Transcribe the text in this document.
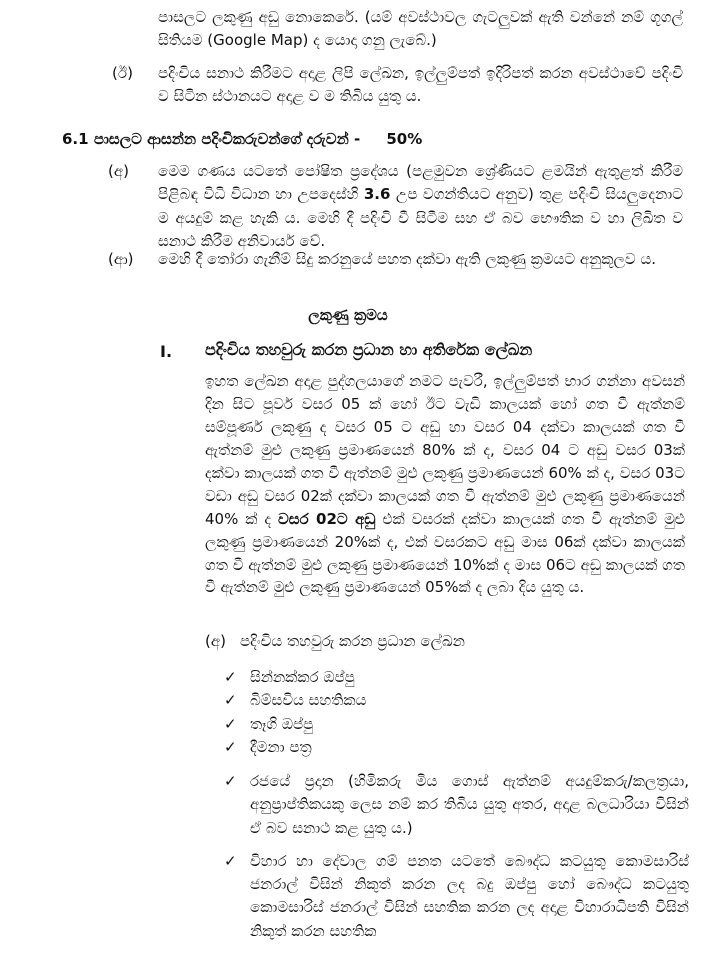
පාසලට ලකුණු අඩු නොකෙරේ. (යම් අවස්ථාවල ගැටලුවක් ඇති වන්නේ නම් ගූගල් සිතියම (Google Map) ද යොදා ගනු ලැබේ.)
(ඊ) පදිංචිය සනාථ කිරීමට අදාළ ලිපි ලේඛන, ඉල්ලුම්පත් ඉදිරිපත් කරන අවස්ථාවේ පදිංචි ව සිටින ස්ථානයට අදාළ ව ම තිබිය යුතු ය.
6.1 පාසලට ආසන්න පදිංචිකරුවන්ගේ දරුවන් - 50%
(අ) මෙම ගණය යටතේ පෝෂිත ප්‍රදේශය (පළමුවන ශ්‍රේණියට ළමයින් ඇතුළත් කිරීම පිළිබඳ විධි විධාන හා උපදෙස්හි 3.6 උප වගන්තියට අනුව) තුළ පදිංචි සියලුදෙනාට ම අයදුම් කළ හැකි ය. මෙහි දී පදිංචි වී සිටීම සහ ඒ බව භෞතික ව හා ලිඛිත ව සනාථ කිරීම අනිවාර්ය වේ.
(ආ) මෙහි දී තෝරා ගැනීම් සිදු කරනුයේ පහත දක්වා ඇති ලකුණු ක්‍රමයට අනුකූලව ය.
ලකුණු ක්‍රමය
I. පදිංචිය තහවුරු කරන ප්‍රධාන හා අතිරේක ලේඛන
ඉහත ලේඛන අදාළ පුද්ගලයාගේ නමට පැවරී, ඉල්ලුම්පත් භාර ගන්නා අවසන් දින සිට පූර්ව වසර 05 ක් හෝ ඊට වැඩි කාලයක් හෝ ගත වී ඇත්නම් සම්පූර්ණ ලකුණු ද වසර 05 ට අඩු හා වසර 04 දක්වා කාලයක් ගත වී ඇත්නම් මුළු ලකුණු ප්‍රමාණයෙන් 80% ක් ද, වසර 04 ට අඩු වසර 03ක් දක්වා කාලයක් ගත වී ඇත්නම් මුළු ලකුණු ප්‍රමාණයෙන් 60% ක් ද, වසර 03ට වඩා අඩු වසර 02ක් දක්වා කාලයක් ගත වී ඇත්නම් මුළු ලකුණු ප්‍රමාණයෙන් 40% ක් ද වසර 02ට අඩු එක් වසරක් දක්වා කාලයක් ගත වී ඇත්නම් මුළු ලකුණු ප්‍රමාණයෙන් 20%ක් ද, එක් වසරකට අඩු මාස 06ක් දක්වා කාලයක් ගත වී ඇත්නම් මුළු ලකුණු ප්‍රමාණයෙන් 10%ක් ද මාස 06ට අඩු කාලයක් ගත වී ඇත්නම් මුළු ලකුණු ප්‍රමාණයෙන් 05%ක් ද ලබා දිය යුතු ය.
(අ) පදිංචිය තහවුරු කරන ප්‍රධාන ලේඛන
✓ සින්නක්කර ඔප්පු
✓ බිම්සවිය සහතිකය
✓ තෑගි ඔප්පු
✓ දීමනා පත්‍ර
✓ රජයේ ප්‍රදාන (හිමිකරු මිය ගොස් ඇත්නම් අයදුම්කරු/කලත්‍රයා, අනුප්‍රාප්තිකයකු ලෙස නම් කර තිබිය යුතු අතර, අදාළ බලධාරියා විසින් ඒ බව සනාථ කළ යුතු ය.)
✓ විහාර හා දේවාල ගම් පනත යටතේ බෞද්ධ කටයුතු කොමසාරිස් ජනරාල් විසින් නිකුත් කරන ලද බදු ඔප්පු හෝ බෞද්ධ කටයුතු කොමසාරිස් ජනරාල් විසින් සහතික කරන ලද අදාළ විහාරාධිපති විසින් නිකුත් කරන සහතික
